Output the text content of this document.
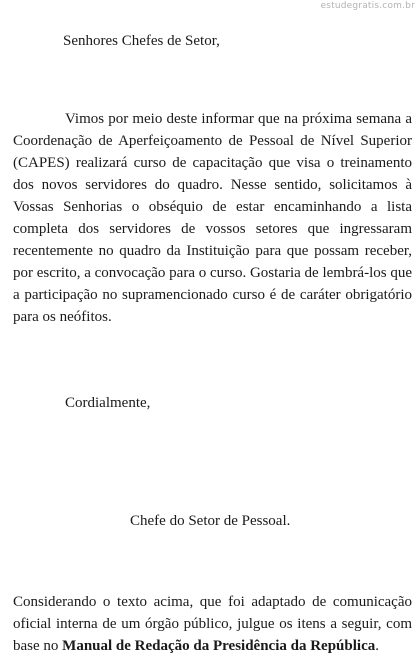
estudegratis.com.br
Senhores Chefes de Setor,
Vimos por meio deste informar que na próxima semana a Coordenação de Aperfeiçoamento de Pessoal de Nível Superior (CAPES) realizará curso de capacitação que visa o treinamento dos novos servidores do quadro. Nesse sentido, solicitamos à Vossas Senhorias o obséquio de estar encaminhando a lista completa dos servidores de vossos setores que ingressaram recentemente no quadro da Instituição para que possam receber, por escrito, a convocação para o curso. Gostaria de lembrá-los que a participação no supramencionado curso é de caráter obrigatório para os neófitos.
Cordialmente,
Chefe do Setor de Pessoal.
Considerando o texto acima, que foi adaptado de comunicação oficial interna de um órgão público, julgue os itens a seguir, com base no Manual de Redação da Presidência da República.
